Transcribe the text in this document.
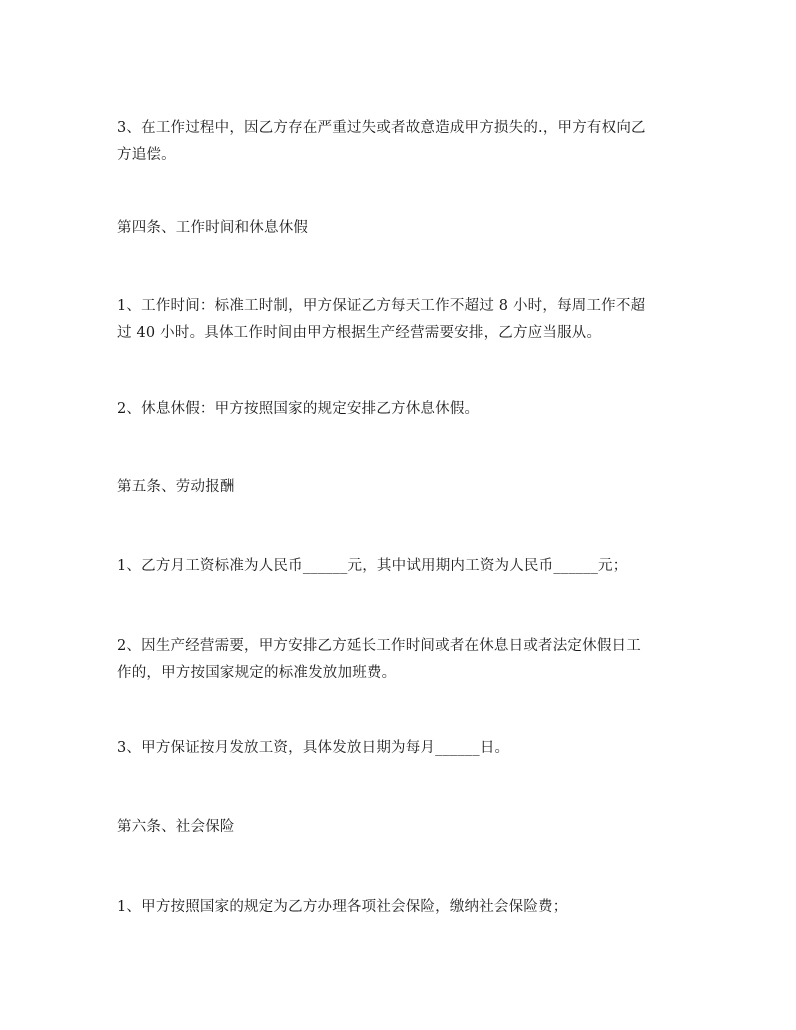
3、在工作过程中，因乙方存在严重过失或者故意造成甲方损失的.，甲方有权向乙
方追偿。

第四条、工作时间和休息休假

1、工作时间：标准工时制，甲方保证乙方每天工作不超过 8 小时，每周工作不超
过 40 小时。具体工作时间由甲方根据生产经营需要安排，乙方应当服从。

2、休息休假：甲方按照国家的规定安排乙方休息休假。

第五条、劳动报酬

1、乙方月工资标准为人民币______元，其中试用期内工资为人民币______元；

2、因生产经营需要，甲方安排乙方延长工作时间或者在休息日或者法定休假日工
作的，甲方按国家规定的标准发放加班费。

3、甲方保证按月发放工资，具体发放日期为每月______日。

第六条、社会保险

1、甲方按照国家的规定为乙方办理各项社会保险，缴纳社会保险费；
